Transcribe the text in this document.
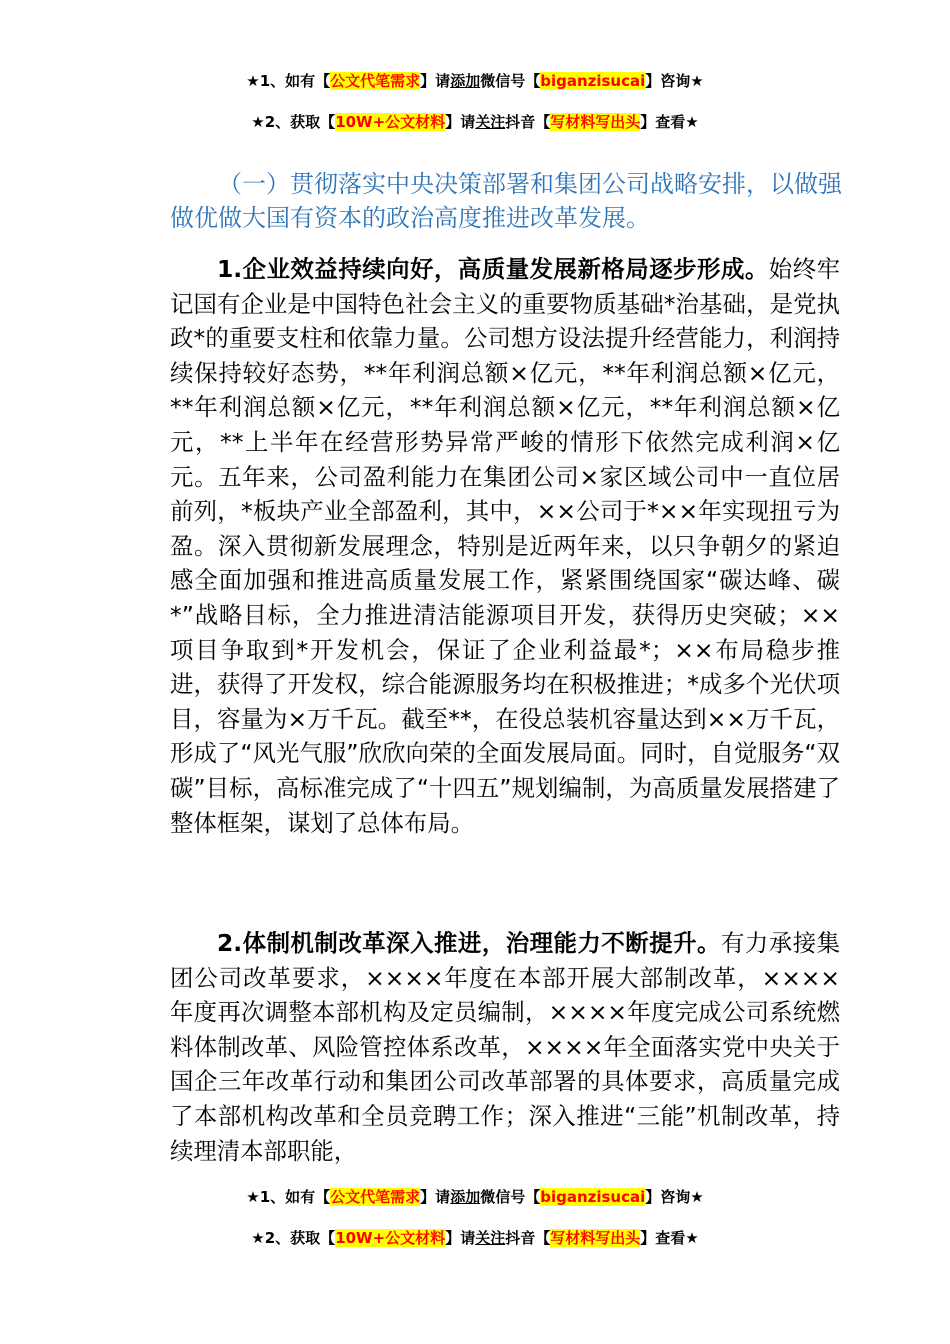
★1、如有【公文代笔需求】请添加微信号【biganzisucai】咨询★
★2、获取【10W+公文材料】请关注抖音【写材料写出头】查看★

（一）贯彻落实中央决策部署和集团公司战略安排，以做强做优做大国有资本的政治高度推进改革发展。

1.企业效益持续向好，高质量发展新格局逐步形成。始终牢记国有企业是中国特色社会主义的重要物质基础*治基础，是党执政*的重要支柱和依靠力量。公司想方设法提升经营能力，利润持续保持较好态势，**年利润总额×亿元，**年利润总额×亿元，**年利润总额×亿元，**年利润总额×亿元，**年利润总额×亿元，**上半年在经营形势异常严峻的情形下依然完成利润×亿元。五年来，公司盈利能力在集团公司×家区域公司中一直位居前列，*板块产业全部盈利，其中，××公司于*××年实现扭亏为盈。深入贯彻新发展理念，特别是近两年来，以只争朝夕的紧迫感全面加强和推进高质量发展工作，紧紧围绕国家“碳达峰、碳*”战略目标，全力推进清洁能源项目开发，获得历史突破；××项目争取到*开发机会，保证了企业利益最*；××布局稳步推进，获得了开发权，综合能源服务均在积极推进；*成多个光伏项目，容量为×万千瓦。截至**，在役总装机容量达到××万千瓦，形成了“风光气服”欣欣向荣的全面发展局面。同时，自觉服务“双碳”目标，高标准完成了“十四五”规划编制，为高质量发展搭建了整体框架，谋划了总体布局。

2.体制机制改革深入推进，治理能力不断提升。有力承接集团公司改革要求，××××年度在本部开展大部制改革，××××年度再次调整本部机构及定员编制，××××年度完成公司系统燃料体制改革、风险管控体系改革，××××年全面落实党中央关于国企三年改革行动和集团公司改革部署的具体要求，高质量完成了本部机构改革和全员竞聘工作；深入推进“三能”机制改革，持续理清本部职能，

★1、如有【公文代笔需求】请添加微信号【biganzisucai】咨询★
★2、获取【10W+公文材料】请关注抖音【写材料写出头】查看★
